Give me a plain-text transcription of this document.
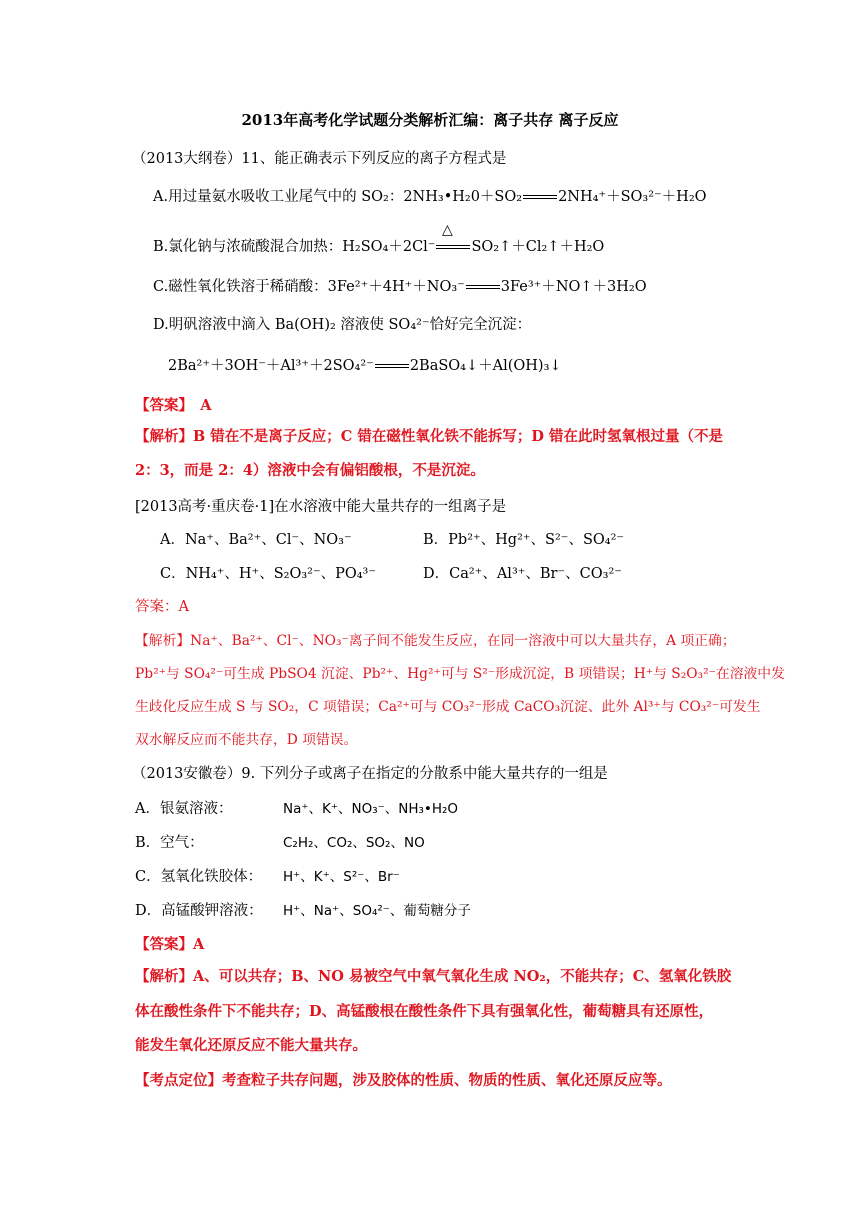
2013年高考化学试题分类解析汇编：离子共存 离子反应
（2013大纲卷）11、能正确表示下列反应的离子方程式是
A.用过量氨水吸收工业尾气中的 SO₂：2NH₃•H₂0＋SO₂ 2NH₄⁺＋SO₃²⁻＋H₂O
△
B.氯化钠与浓硫酸混合加热：H₂SO₄＋2Cl⁻ SO₂↑＋Cl₂↑＋H₂O
C.磁性氧化铁溶于稀硝酸：3Fe²⁺＋4H⁺＋NO₃⁻ 3Fe³⁺＋NO↑＋3H₂O
D.明矾溶液中滴入 Ba(OH)₂ 溶液使 SO₄²⁻恰好完全沉淀：
2Ba²⁺＋3OH⁻＋Al³⁺＋2SO₄²⁻ 2BaSO₄↓＋Al(OH)₃↓
【答案】　A
【解析】B 错在不是离子反应；C 错在磁性氧化铁不能拆写；D 错在此时氢氧根过量（不是
2：3，而是 2：4）溶液中会有偏铝酸根，不是沉淀。
[2013高考·重庆卷·1]在水溶液中能大量共存的一组离子是
A．Na⁺、Ba²⁺、Cl⁻、NO₃⁻	B．Pb²⁺、Hg²⁺、S²⁻、SO₄²⁻
C．NH₄⁺、H⁺、S₂O₃²⁻、PO₄³⁻	D．Ca²⁺、Al³⁺、Br⁻、CO₃²⁻
答案：A
【解析】Na⁺、Ba²⁺、Cl⁻、NO₃⁻离子间不能发生反应，在同一溶液中可以大量共存，A 项正确；
Pb²⁺与 SO₄²⁻可生成 PbSO4 沉淀、Pb²⁺、Hg²⁺可与 S²⁻形成沉淀，B 项错误；H⁺与 S₂O₃²⁻在溶液中发
生歧化反应生成 S 与 SO₂，C 项错误；Ca²⁺可与 CO₃²⁻形成 CaCO₃沉淀、此外 Al³⁺与 CO₃²⁻可发生
双水解反应而不能共存，D 项错误。
（2013安徽卷）9. 下列分子或离子在指定的分散系中能大量共存的一组是
A．银氨溶液：	Na⁺、K⁺、NO₃⁻、NH₃•H₂O
B．空气：	C₂H₂、CO₂、SO₂、NO
C．氢氧化铁胶体： H⁺、K⁺、S²⁻、Br⁻
D．高锰酸钾溶液： H⁺、Na⁺、SO₄²⁻、葡萄糖分子
【答案】A
【解析】A、可以共存；B、NO 易被空气中氧气氧化生成 NO₂，不能共存；C、氢氧化铁胶
体在酸性条件下不能共存；D、高锰酸根在酸性条件下具有强氧化性，葡萄糖具有还原性，
能发生氧化还原反应不能大量共存。
【考点定位】考查粒子共存问题，涉及胶体的性质、物质的性质、氧化还原反应等。
